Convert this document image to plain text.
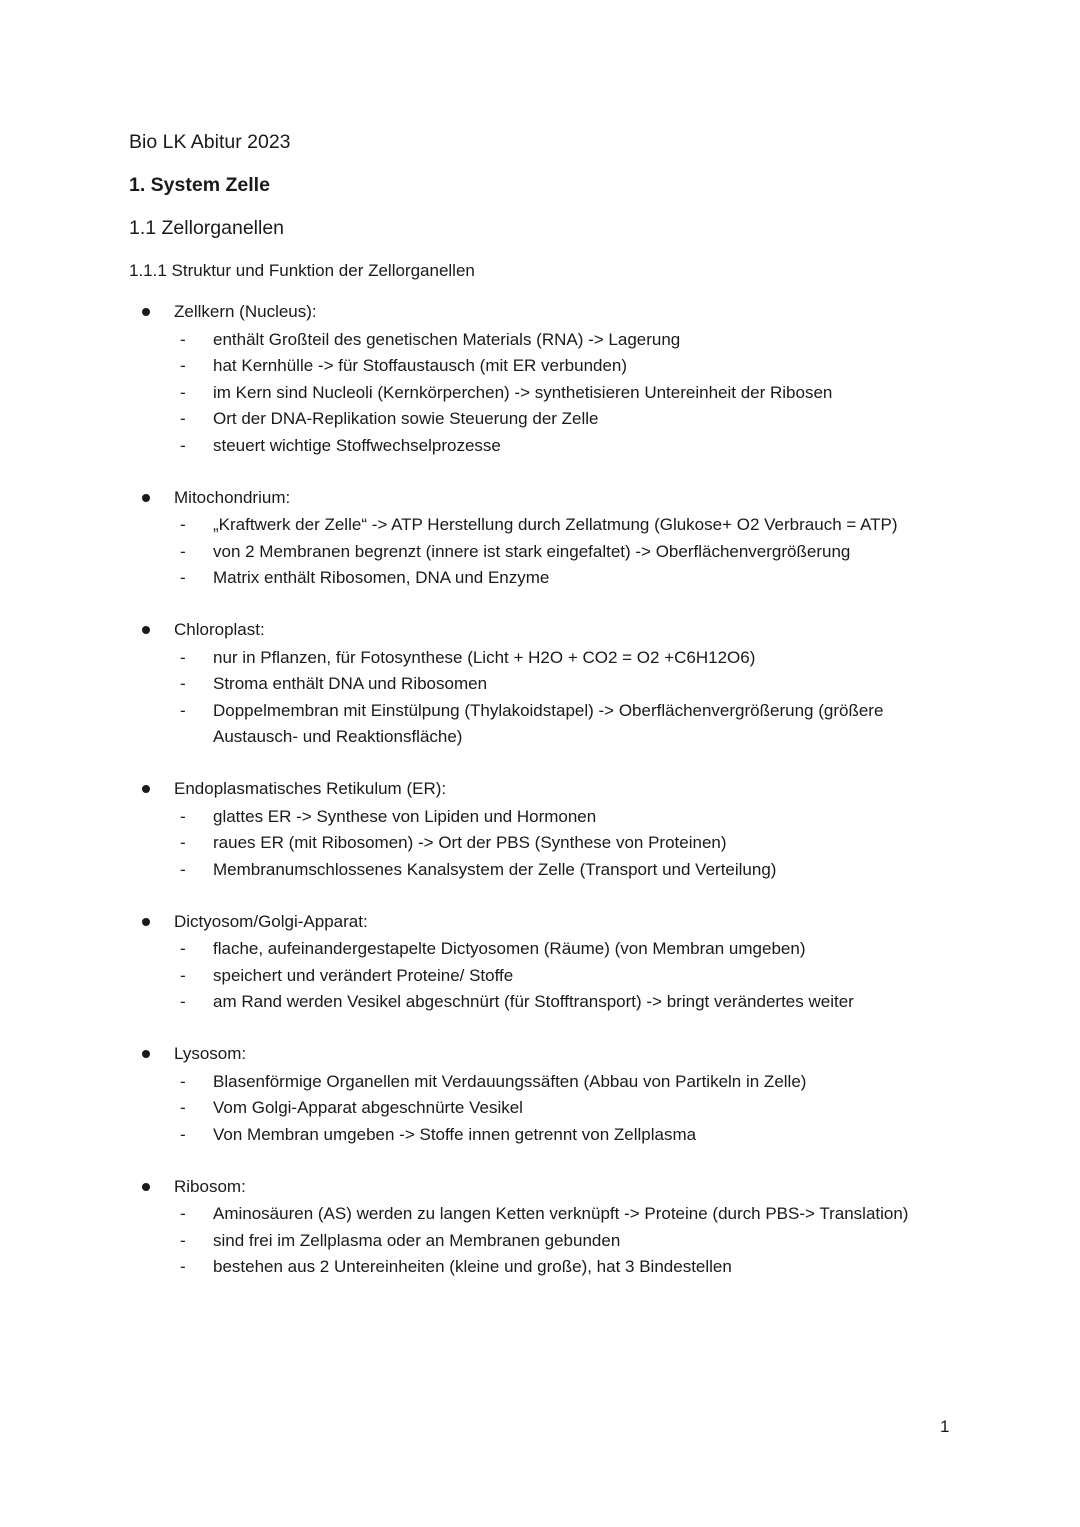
Bio LK Abitur 2023
1. System Zelle
1.1 Zellorganellen
1.1.1 Struktur und Funktion der Zellorganellen
Zellkern (Nucleus):
- enthält Großteil des genetischen Materials (RNA) -> Lagerung
- hat Kernhülle -> für Stoffaustausch (mit ER verbunden)
- im Kern sind Nucleoli (Kernkörperchen) -> synthetisieren Untereinheit der Ribosen
- Ort der DNA-Replikation sowie Steuerung der Zelle
- steuert wichtige Stoffwechselprozesse
Mitochondrium:
- „Kraftwerk der Zelle“ -> ATP Herstellung durch Zellatmung (Glukose+ O2 Verbrauch = ATP)
- von 2 Membranen begrenzt (innere ist stark eingefaltet) -> Oberflächenvergrößerung
- Matrix enthält Ribosomen, DNA und Enzyme
Chloroplast:
- nur in Pflanzen, für Fotosynthese (Licht + H2O + CO2 = O2 +C6H12O6)
- Stroma enthält DNA und Ribosomen
- Doppelmembran mit Einstülpung (Thylakoidstapel) -> Oberflächenvergrößerung (größere Austausch- und Reaktionsfläche)
Endoplasmatisches Retikulum (ER):
- glattes ER -> Synthese von Lipiden und Hormonen
- raues ER (mit Ribosomen) -> Ort der PBS (Synthese von Proteinen)
- Membranumschlossenes Kanalsystem der Zelle (Transport und Verteilung)
Dictyosom/Golgi-Apparat:
- flache, aufeinandergestapelte Dictyosomen (Räume) (von Membran umgeben)
- speichert und verändert Proteine/ Stoffe
- am Rand werden Vesikel abgeschnürt (für Stofftransport) -> bringt verändertes weiter
Lysosom:
- Blasenförmige Organellen mit Verdauungssäften (Abbau von Partikeln in Zelle)
- Vom Golgi-Apparat abgeschnürte Vesikel
- Von Membran umgeben -> Stoffe innen getrennt von Zellplasma
Ribosom:
- Aminosäuren (AS) werden zu langen Ketten verknüpft -> Proteine (durch PBS-> Translation)
- sind frei im Zellplasma oder an Membranen gebunden
- bestehen aus 2 Untereinheiten (kleine und große), hat 3 Bindestellen
1
